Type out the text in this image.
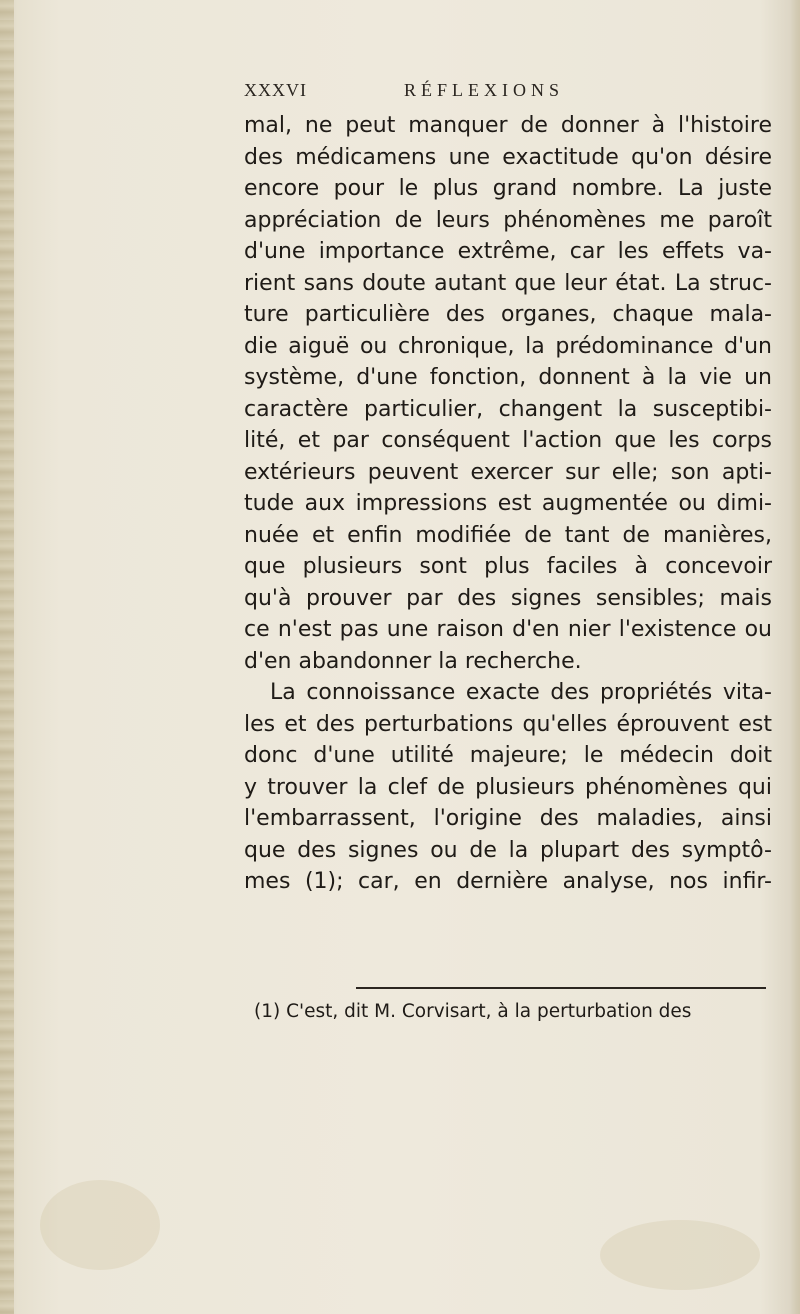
XXXVI	RÉFLEXIONS
mal, ne peut manquer de donner à l'histoire
des médicamens une exactitude qu'on désire
encore pour le plus grand nombre. La juste
appréciation de leurs phénomènes me paroît
d'une importance extrême, car les effets va-
rient sans doute autant que leur état. La struc-
ture particulière des organes, chaque mala-
die aiguë ou chronique, la prédominance d'un
système, d'une fonction, donnent à la vie un
caractère particulier, changent la susceptibi-
lité, et par conséquent l'action que les corps
extérieurs peuvent exercer sur elle; son apti-
tude aux impressions est augmentée ou dimi-
nuée et enfin modifiée de tant de manières,
que plusieurs sont plus faciles à concevoir
qu'à prouver par des signes sensibles; mais
ce n'est pas une raison d'en nier l'existence ou
d'en abandonner la recherche.
La connoissance exacte des propriétés vita-
les et des perturbations qu'elles éprouvent est
donc d'une utilité majeure; le médecin doit
y trouver la clef de plusieurs phénomènes qui
l'embarrassent, l'origine des maladies, ainsi
que des signes ou de la plupart des symptô-
mes (1); car, en dernière analyse, nos infir-
(1) C'est, dit M. Corvisart, à la perturbation des
